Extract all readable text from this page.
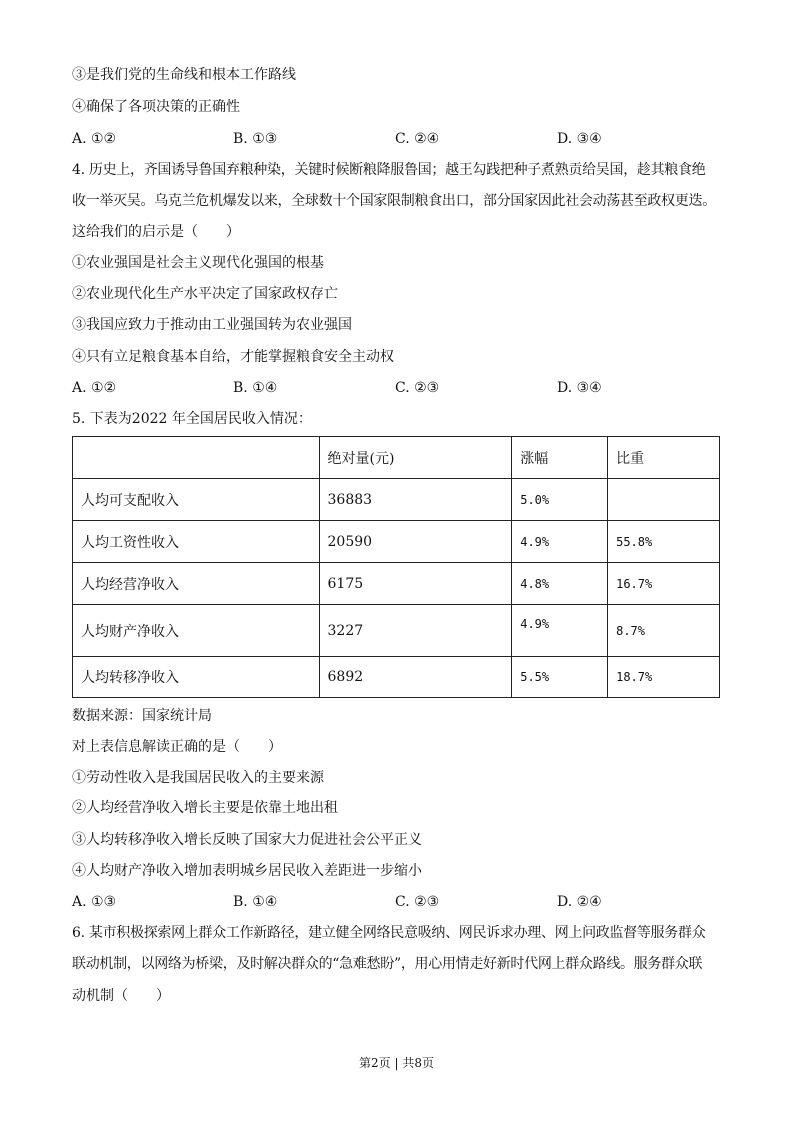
③是我们党的生命线和根本工作路线
④确保了各项决策的正确性
A. ①②	B. ①③	C. ②④	D. ③④
4. 历史上，齐国诱导鲁国弃粮种染，关键时候断粮降服鲁国；越王勾践把种子煮熟贡给吴国，趁其粮食绝
收一举灭吴。乌克兰危机爆发以来，全球数十个国家限制粮食出口，部分国家因此社会动荡甚至政权更迭。
这给我们的启示是（　　）
①农业强国是社会主义现代化强国的根基
②农业现代化生产水平决定了国家政权存亡
③我国应致力于推动由工业强国转为农业强国
④只有立足粮食基本自给，才能掌握粮食安全主动权
A. ①②	B. ①④	C. ②③	D. ③④
5. 下表为2022 年全国居民收入情况：
	绝对量(元)	涨幅	比重
人均可支配收入	36883	5.0%	
人均工资性收入	20590	4.9%	55.8%
人均经营净收入	6175	4.8%	16.7%
人均财产净收入	3227	4.9%	8.7%
人均转移净收入	6892	5.5%	18.7%
数据来源：国家统计局
对上表信息解读正确的是（　　）
①劳动性收入是我国居民收入的主要来源
②人均经营净收入增长主要是依靠土地出租
③人均转移净收入增长反映了国家大力促进社会公平正义
④人均财产净收入增加表明城乡居民收入差距进一步缩小
A. ①③	B. ①④	C. ②③	D. ②④
6. 某市积极探索网上群众工作新路径，建立健全网络民意吸纳、网民诉求办理、网上问政监督等服务群众
联动机制，以网络为桥梁，及时解决群众的“急难愁盼”，用心用情走好新时代网上群众路线。服务群众联
动机制（　　）
第2页 | 共8页
